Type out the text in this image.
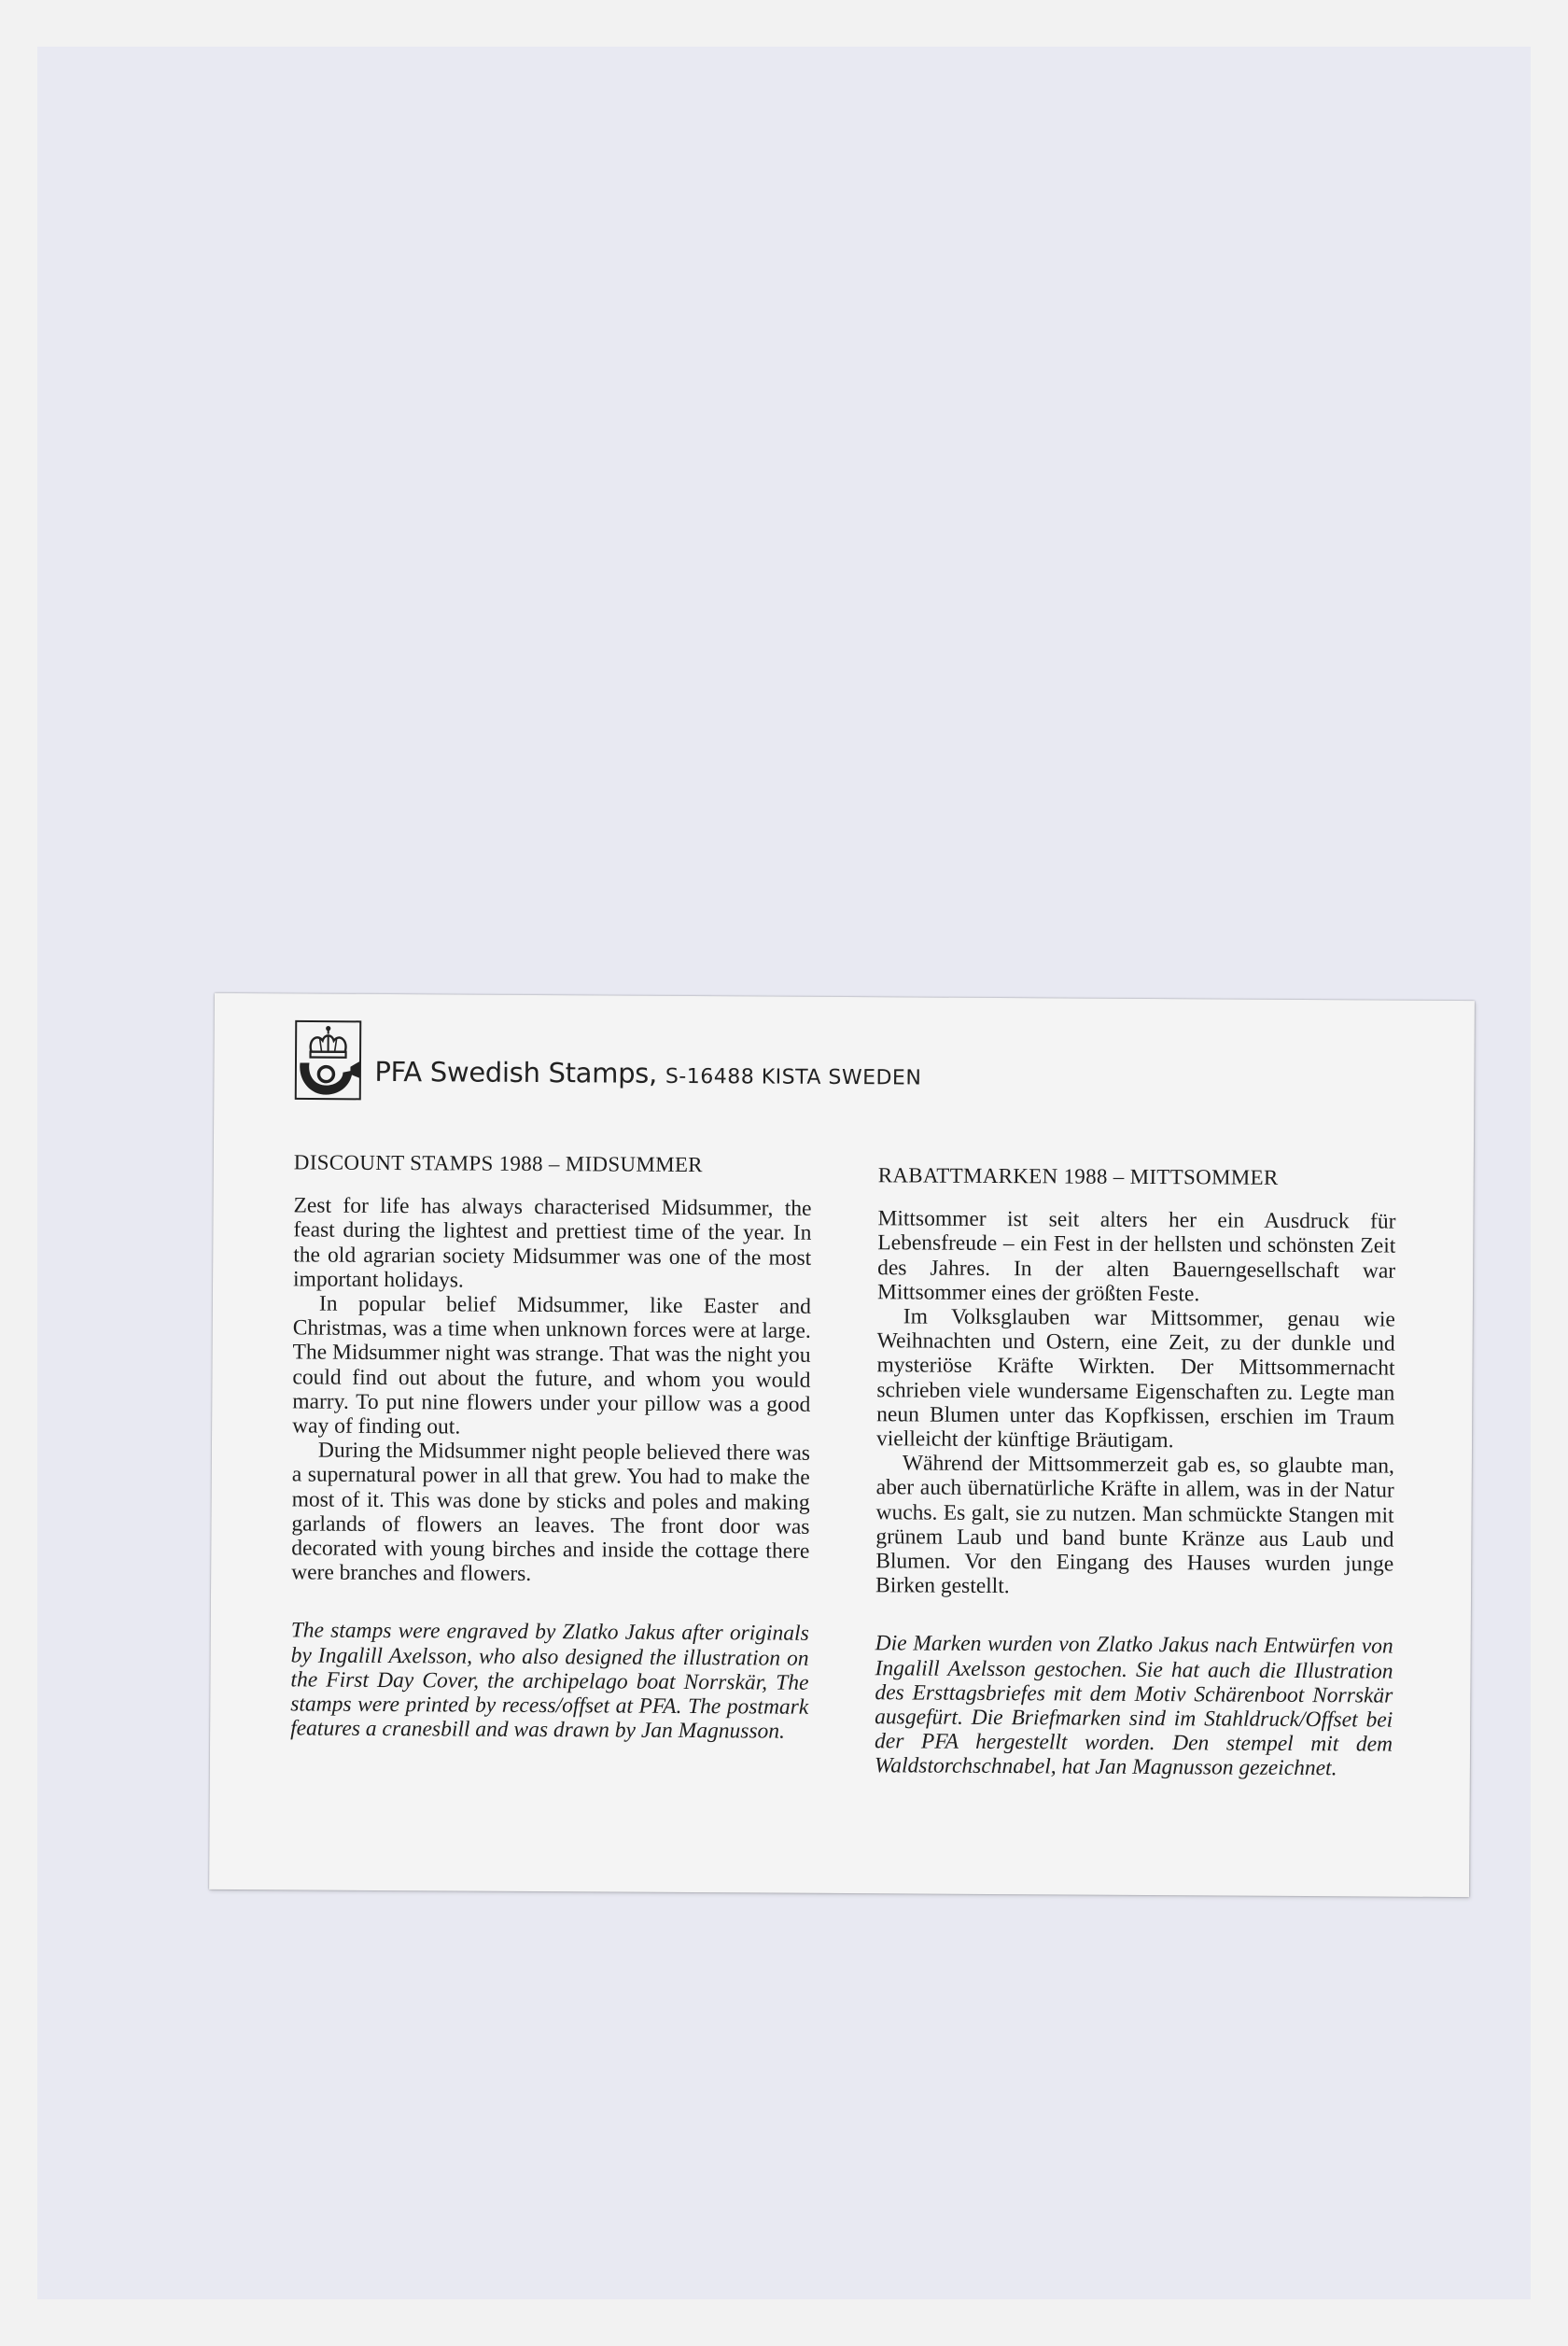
PFA Swedish Stamps, S-16488 KISTA SWEDEN
DISCOUNT STAMPS 1988 – MIDSUMMER

Zest for life has always characterised Midsummer, the feast during the lightest and prettiest time of the year. In the old agrarian society Midsummer was one of the most important holidays.

In popular belief Midsummer, like Easter and Christmas, was a time when unknown forces were at large. The Midsummer night was strange. That was the night you could find out about the future, and whom you would marry. To put nine flowers under your pillow was a good way of finding out.

During the Midsummer night people believed there was a supernatural power in all that grew. You had to make the most of it. This was done by sticks and poles and making garlands of flowers an leaves. The front door was decorated with young birches and inside the cottage there were branches and flowers.

The stamps were engraved by Zlatko Jakus after originals by Ingalill Axelsson, who also designed the illustration on the First Day Cover, the archipelago boat Norrskär, The stamps were printed by recess/offset at PFA. The postmark features a cranesbill and was drawn by Jan Magnusson.

RABATTMARKEN 1988 – MITTSOMMER

Mittsommer ist seit alters her ein Ausdruck für Lebensfreude – ein Fest in der hellsten und schönsten Zeit des Jahres. In der alten Bauerngesellschaft war Mittsommer eines der größten Feste.

Im Volksglauben war Mittsommer, genau wie Weihnachten und Ostern, eine Zeit, zu der dunkle und mysteriöse Kräfte Wirkten. Der Mittsommernacht schrieben viele wundersame Eigenschaften zu. Legte man neun Blumen unter das Kopfkissen, erschien im Traum vielleicht der künftige Bräutigam.

Während der Mittsommerzeit gab es, so glaubte man, aber auch übernatürliche Kräfte in allem, was in der Natur wuchs. Es galt, sie zu nutzen. Man schmückte Stangen mit grünem Laub und band bunte Kränze aus Laub und Blumen. Vor den Eingang des Hauses wurden junge Birken gestellt.

Die Marken wurden von Zlatko Jakus nach Entwürfen von Ingalill Axelsson gestochen. Sie hat auch die Illustration des Ersttagsbriefes mit dem Motiv Schärenboot Norrskär ausgefürt. Die Briefmarken sind im Stahldruck/Offset bei der PFA hergestellt worden. Den stempel mit dem Waldstorchschnabel, hat Jan Magnusson gezeichnet.
